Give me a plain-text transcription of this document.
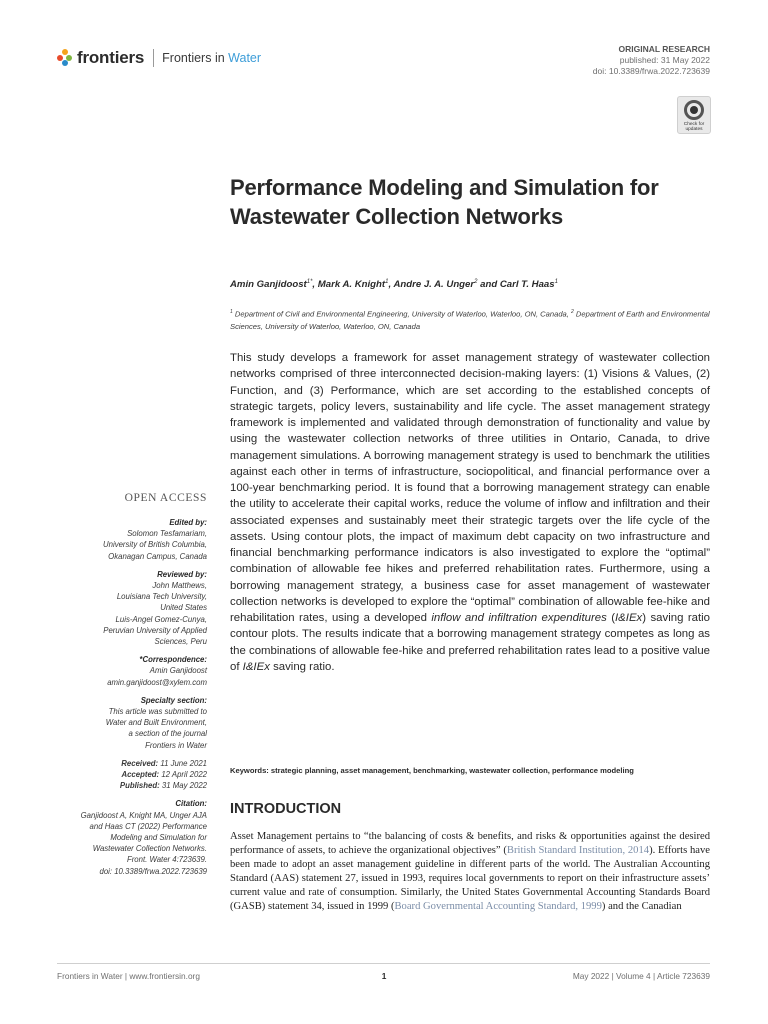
frontiers Frontiers in Water
ORIGINAL RESEARCH
published: 31 May 2022
doi: 10.3389/frwa.2022.723639
Check for updates
Performance Modeling and Simulation for Wastewater Collection Networks
Amin Ganjidoost$^{1*}$, Mark A. Knight$^1$, Andre J. A. Unger$^2$ and Carl T. Haas$^1$
$^1$ Department of Civil and Environmental Engineering, University of Waterloo, Waterloo, ON, Canada, $^2$ Department of Earth and Environmental Sciences, University of Waterloo, Waterloo, ON, Canada
This study develops a framework for asset management strategy of wastewater collection networks comprised of three interconnected decision-making layers: (1) Visions & Values, (2) Function, and (3) Performance, which are set according to the established concepts of strategic targets, policy levers, sustainability and life cycle. The asset management strategy framework is implemented and validated through demonstration of functionality and value by using the wastewater collection networks of three utilities in Ontario, Canada, to drive management simulations. A borrowing management strategy is used to benchmark the utilities against each other in terms of infrastructure, sociopolitical, and financial performance over a 100-year benchmarking period. It is found that a borrowing management strategy can enable the utility to accelerate their capital works, reduce the volume of inflow and infiltration and their associated expenses and sustainably meet their strategic targets over the life cycle of the assets. Using contour plots, the impact of maximum debt capacity on two infrastructure and financial benchmarking performance indicators is also investigated to explore the “optimal” combination of allowable fee hikes and preferred rehabilitation rates. Furthermore, using a borrowing management strategy, a business case for asset management of wastewater collection networks is developed to explore the “optimal” combination of allowable fee-hike and rehabilitation rates, using a developed inflow and infiltration expenditures (I&IEx) saving ratio contour plots. The results indicate that a borrowing management strategy competes as long as the combinations of allowable fee-hike and preferred rehabilitation rates lead to a positive value of I&IEx saving ratio.
Keywords: strategic planning, asset management, benchmarking, wastewater collection, performance modeling
INTRODUCTION
Asset Management pertains to “the balancing of costs & benefits, and risks & opportunities against the desired performance of assets, to achieve the organizational objectives” (British Standard Institution, 2014). Efforts have been made to adopt an asset management guideline in different parts of the world. The Australian Accounting Standard (AAS) statement 27, issued in 1993, requires local governments to report on their infrastructure assets’ current value and rate of consumption. Similarly, the United States Governmental Accounting Standards Board (GASB) statement 34, issued in 1999 (Board Governmental Accounting Standard, 1999) and the Canadian
OPEN ACCESS
Edited by:
Solomon Tesfamariam,
University of British Columbia,
Okanagan Campus, Canada
Reviewed by:
John Matthews,
Louisiana Tech University,
United States
Luis-Angel Gomez-Cunya,
Peruvian University of Applied
Sciences, Peru
*Correspondence:
Amin Ganjidoost
amin.ganjidoost@xylem.com
Specialty section:
This article was submitted to
Water and Built Environment,
a section of the journal
Frontiers in Water
Received: 11 June 2021
Accepted: 12 April 2022
Published: 31 May 2022
Citation:
Ganjidoost A, Knight MA, Unger AJA
and Haas CT (2022) Performance
Modeling and Simulation for
Wastewater Collection Networks.
Front. Water 4:723639.
doi: 10.3389/frwa.2022.723639
Frontiers in Water | www.frontiersin.org	1	May 2022 | Volume 4 | Article 723639
